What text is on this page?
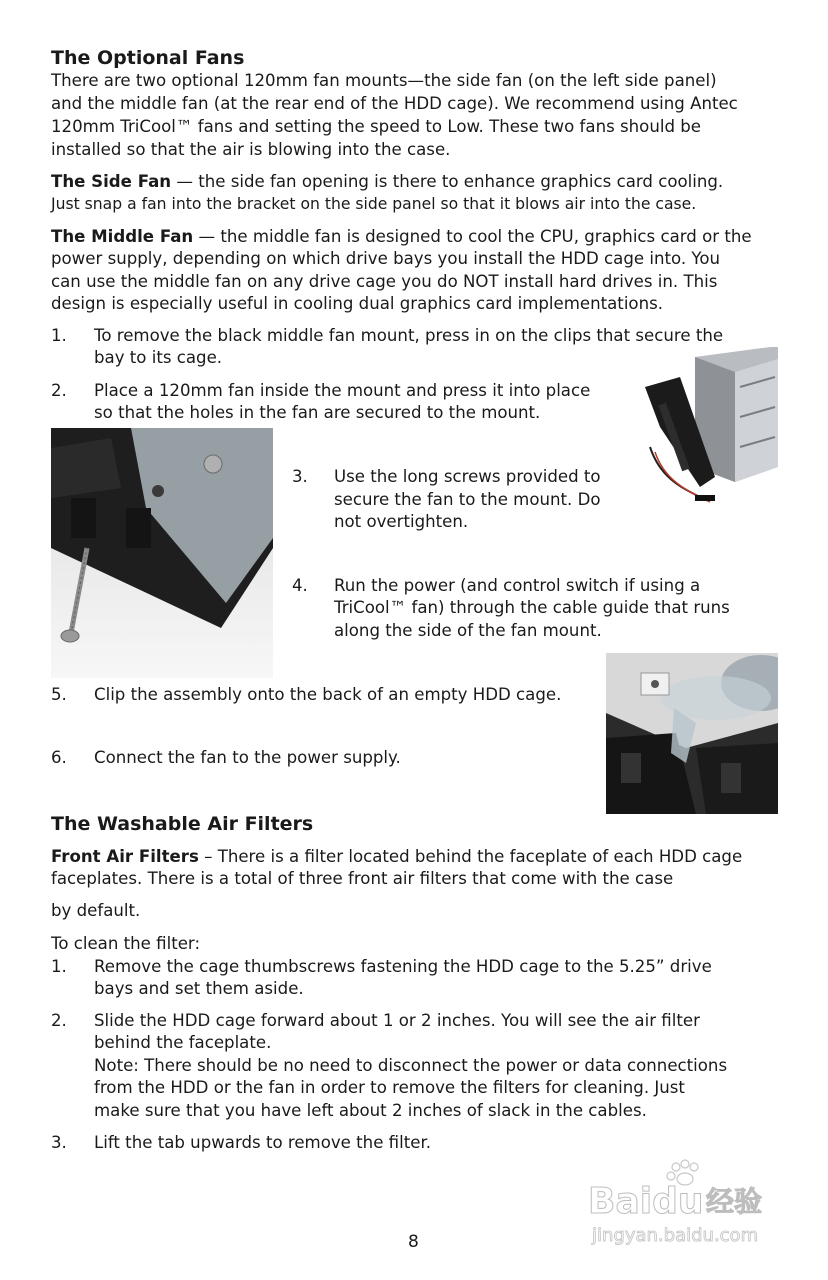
The Optional Fans
There are two optional 120mm fan mounts—the side fan (on the left side panel)
and the middle fan (at the rear end of the HDD cage). We recommend using Antec
120mm TriCool™ fans and setting the speed to Low. These two fans should be
installed so that the air is blowing into the case.
The Side Fan — the side fan opening is there to enhance graphics card cooling.
Just snap a fan into the bracket on the side panel so that it blows air into the case.
The Middle Fan — the middle fan is designed to cool the CPU, graphics card or the
power supply, depending on which drive bays you install the HDD cage into. You
can use the middle fan on any drive cage you do NOT install hard drives in. This
design is especially useful in cooling dual graphics card implementations.
1. To remove the black middle fan mount, press in on the clips that secure the
bay to its cage.
2. Place a 120mm fan inside the mount and press it into place
so that the holes in the fan are secured to the mount.
3. Use the long screws provided to
secure the fan to the mount. Do
not overtighten.
4. Run the power (and control switch if using a
TriCool™ fan) through the cable guide that runs
along the side of the fan mount.
5. Clip the assembly onto the back of an empty HDD cage.
6. Connect the fan to the power supply.
The Washable Air Filters
Front Air Filters – There is a filter located behind the faceplate of each HDD cage
faceplates. There is a total of three front air filters that come with the case
by default.
To clean the filter:
1. Remove the cage thumbscrews fastening the HDD cage to the 5.25” drive
bays and set them aside.
2. Slide the HDD cage forward about 1 or 2 inches. You will see the air filter
behind the faceplate.
Note: There should be no need to disconnect the power or data connections
from the HDD or the fan in order to remove the filters for cleaning. Just
make sure that you have left about 2 inches of slack in the cables.
3. Lift the tab upwards to remove the filter.
Baidu 经验
jingyan.baidu.com
8
